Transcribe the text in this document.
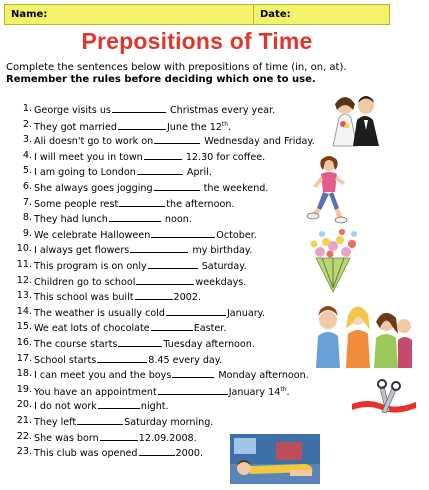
Name:	Date:
Prepositions of Time
Complete the sentences below with prepositions of time (in, on, at).
Remember the rules before deciding which one to use.
1. George visits us	Christmas every year.
2. They got married	June the 12th.
3. Ali doesn't go to work on	Wednesday and Friday.
4. I will meet you in town	12.30 for coffee.
5. I am going to London	April.
6. She always goes jogging	the weekend.
7. Some people rest	the afternoon.
8. They had lunch	noon.
9. We celebrate Halloween	October.
10. I always get flowers	my birthday.
11. This program is on only	Saturday.
12. Children go to school	weekdays.
13. This school was built	2002.
14. The weather is usually cold	January.
15. We eat lots of chocolate	Easter.
16. The course starts	Tuesday afternoon.
17. School starts	8.45 every day.
18. I can meet you and the boys	Monday afternoon.
19. You have an appointment	January 14th.
20. I do not work	night.
21. They left	Saturday morning.
22. She was born	12.09.2008.
23. This club was opened	2000.
